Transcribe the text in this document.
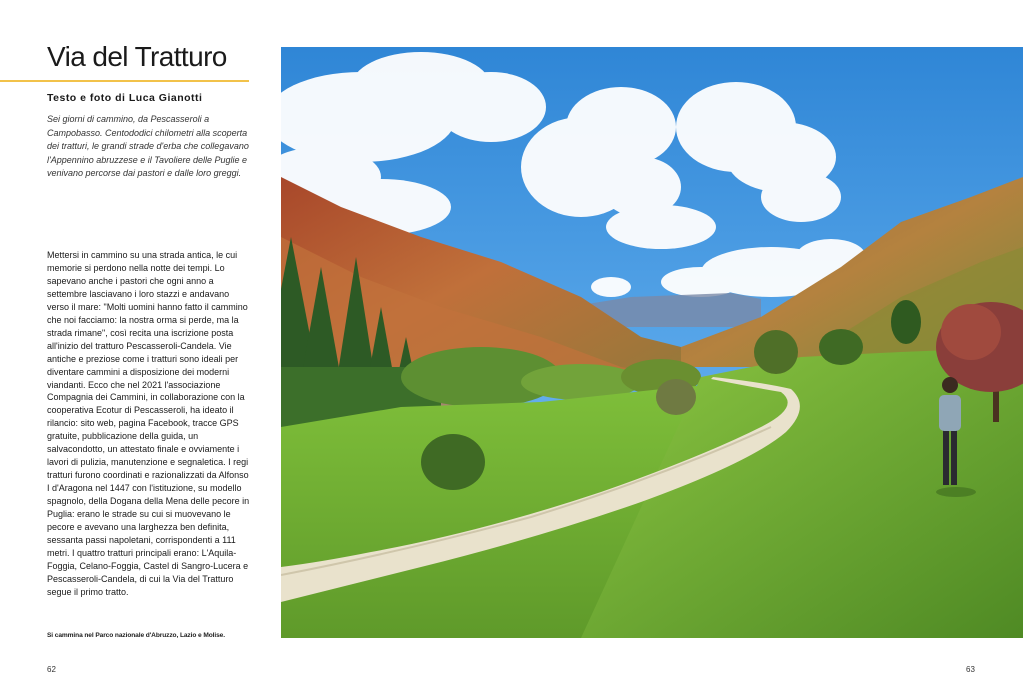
Via del Tratturo
Testo e foto di Luca Gianotti

Sei giorni di cammino, da Pescasseroli a Campobasso. Centododici chilometri alla scoperta dei tratturi, le grandi strade d'erba che collegavano l'Appennino abruzzese e il Tavoliere delle Puglie e venivano percorse dai pastori e dalle loro greggi.

Mettersi in cammino su una strada antica, le cui memorie si perdono nella notte dei tempi. Lo sapevano anche i pastori che ogni anno a settembre lasciavano i loro stazzi e andavano verso il mare: "Molti uomini hanno fatto il cammino che noi facciamo: la nostra orma si perde, ma la strada rimane", così recita una iscrizione posta all'inizio del tratturo Pescasseroli-Candela. Vie antiche e preziose come i tratturi sono ideali per diventare cammini a disposizione dei moderni viandanti. Ecco che nel 2021 l'associazione Compagnia dei Cammini, in collaborazione con la cooperativa Ecotur di Pescasseroli, ha ideato il rilancio: sito web, pagina Facebook, tracce GPS gratuite, pubblicazione della guida, un salvacondotto, un attestato finale e ovviamente i lavori di pulizia, manutenzione e segnaletica. I regi tratturi furono coordinati e razionalizzati da Alfonso I d'Aragona nel 1447 con l'istituzione, su modello spagnolo, della Dogana della Mena delle pecore in Puglia: erano le strade su cui si muovevano le pecore e avevano una larghezza ben definita, sessanta passi napoletani, corrispondenti a 111 metri. I quattro tratturi principali erano: L'Aquila-Foggia, Celano-Foggia, Castel di Sangro-Lucera e Pescasseroli-Candela, di cui la Via del Tratturo segue il primo tratto.

Si cammina nel Parco nazionale d'Abruzzo, Lazio e Molise.
62	63
